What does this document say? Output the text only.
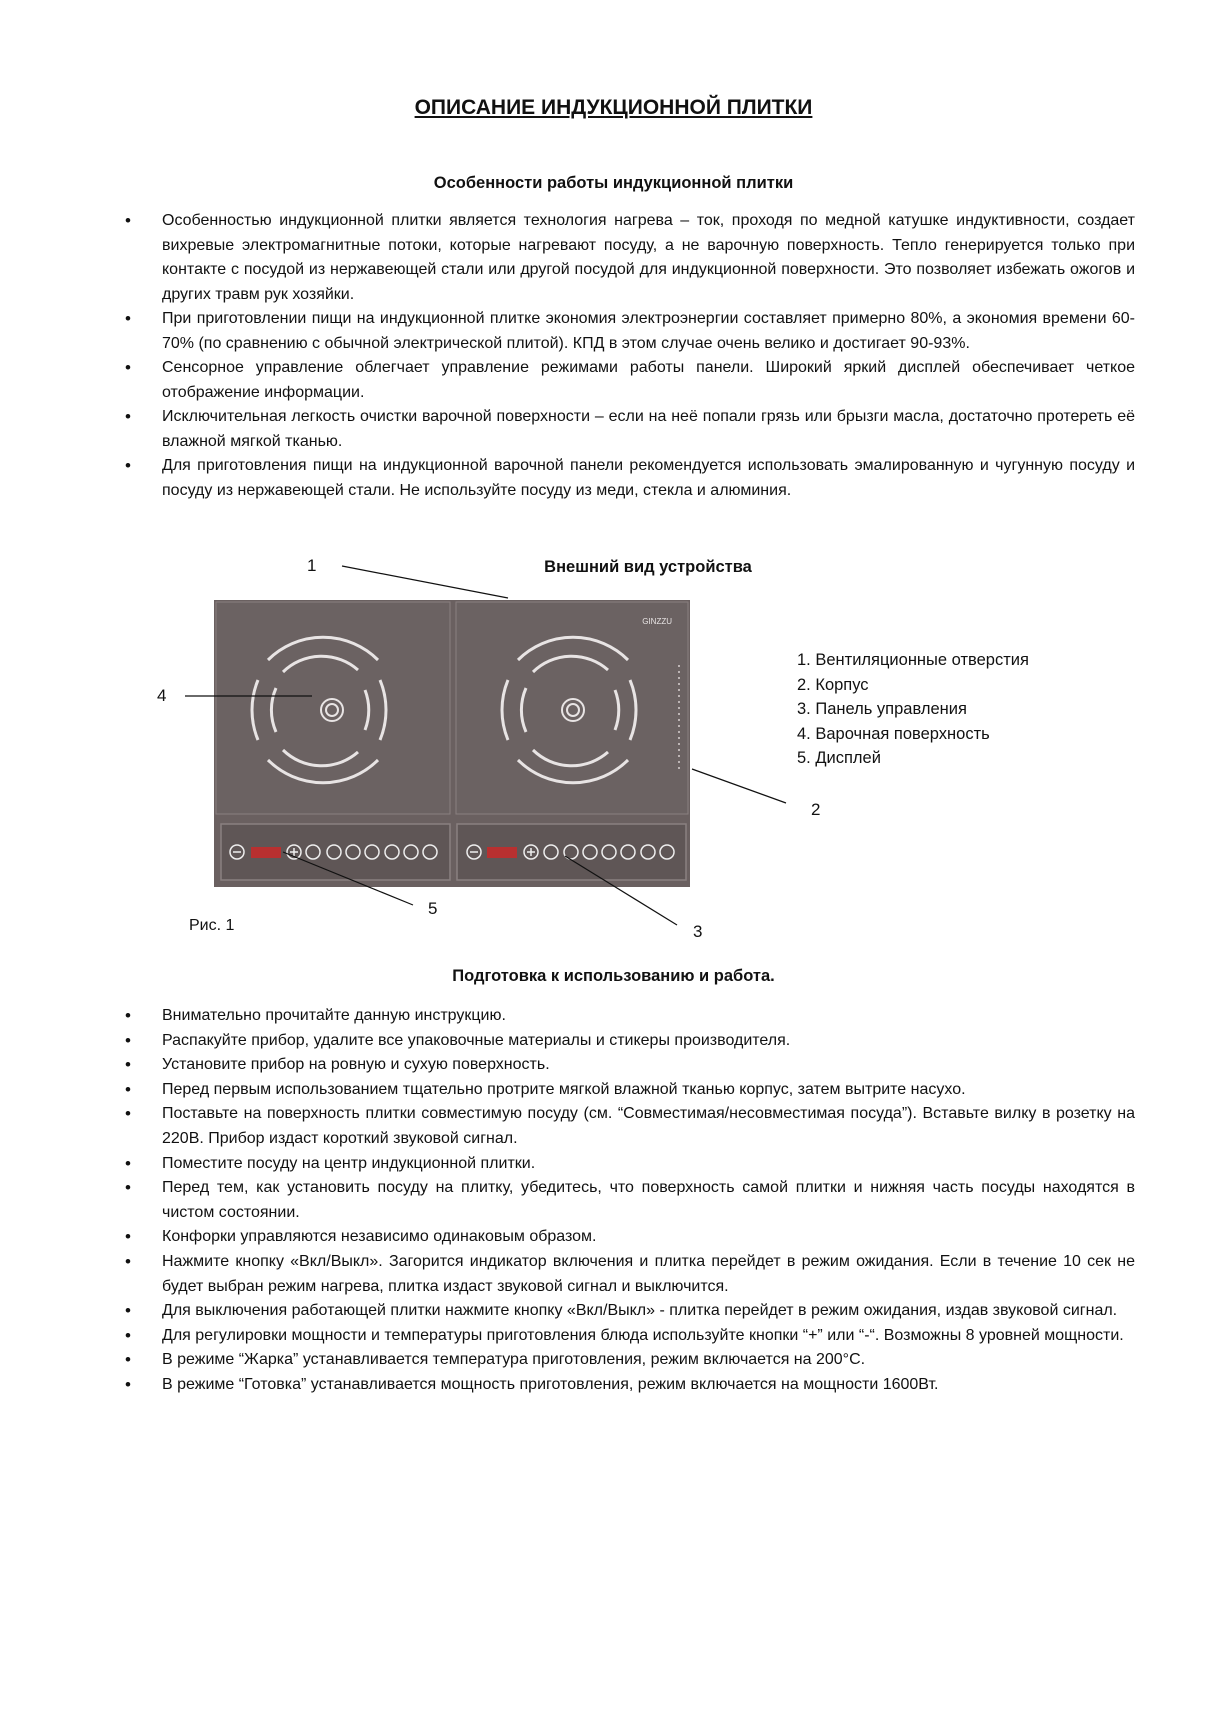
ОПИСАНИЕ ИНДУКЦИОННОЙ ПЛИТКИ
Особенности работы индукционной плитки
• Особенностью индукционной плитки является технология нагрева – ток, проходя по медной катушке индуктивности, создает вихревые электромагнитные потоки, которые нагревают посуду, а не варочную поверхность. Тепло генерируется только при контакте с посудой из нержавеющей стали или другой посудой для индукционной поверхности. Это позволяет избежать ожогов и других травм рук хозяйки.
• При приготовлении пищи на индукционной плитке экономия электроэнергии составляет примерно 80%, а экономия времени 60-70% (по сравнению с обычной электрической плитой). КПД в этом случае очень велико и достигает 90-93%.
• Сенсорное управление облегчает управление режимами работы панели. Широкий яркий дисплей обеспечивает четкое отображение информации.
• Исключительная легкость очистки варочной поверхности – если на неё попали грязь или брызги масла, достаточно протереть её влажной мягкой тканью.
• Для приготовления пищи на индукционной варочной панели рекомендуется использовать эмалированную и чугунную посуду и посуду из нержавеющей стали. Не используйте посуду из меди, стекла и алюминия.
Внешний вид устройства
GINZZU
1
2
3
4
5
1. Вентиляционные отверстия
2. Корпус
3. Панель управления
4. Варочная поверхность
5. Дисплей
Рис. 1
Подготовка к использованию и работа.
• Внимательно прочитайте данную инструкцию.
• Распакуйте прибор, удалите все упаковочные материалы и стикеры производителя.
• Установите прибор на ровную и сухую поверхность.
• Перед первым использованием тщательно протрите мягкой влажной тканью корпус, затем вытрите насухо.
• Поставьте на поверхность плитки совместимую посуду (см. “Совместимая/несовместимая посуда”). Вставьте вилку в розетку на 220В. Прибор издаст короткий звуковой сигнал.
• Поместите посуду на центр индукционной плитки.
• Перед тем, как установить посуду на плитку, убедитесь, что поверхность самой плитки и нижняя часть посуды находятся в чистом состоянии.
• Конфорки управляются независимо одинаковым образом.
• Нажмите кнопку «Вкл/Выкл». Загорится индикатор включения и плитка перейдет в режим ожидания. Если в течение 10 сек не будет выбран режим нагрева, плитка издаст звуковой сигнал и выключится.
• Для выключения работающей плитки нажмите кнопку «Вкл/Выкл» - плитка перейдет в режим ожидания, издав звуковой сигнал.
• Для регулировки мощности и температуры приготовления блюда используйте кнопки “+” или “-“. Возможны 8 уровней мощности.
• В режиме “Жарка” устанавливается температура приготовления, режим включается на 200°С.
• В режиме “Готовка” устанавливается мощность приготовления, режим включается на мощности 1600Вт.
